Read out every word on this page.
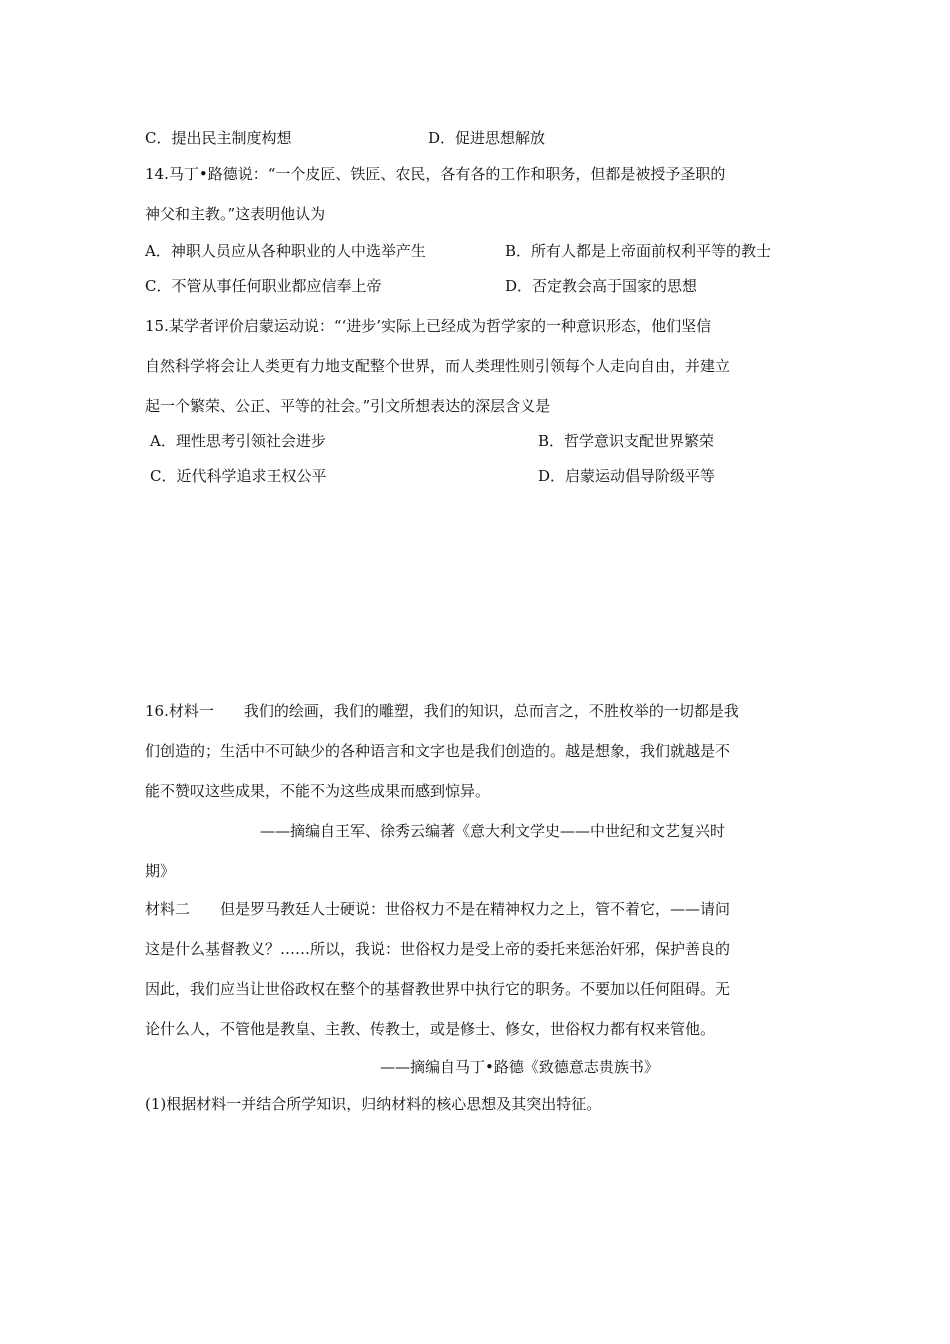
C．提出民主制度构想	D．促进思想解放
14.马丁•路德说：“一个皮匠、铁匠、农民，各有各的工作和职务，但都是被授予圣职的
神父和主教。”这表明他认为
A．神职人员应从各种职业的人中选举产生	B．所有人都是上帝面前权利平等的教士
C．不管从事任何职业都应信奉上帝	D．否定教会高于国家的思想
15.某学者评价启蒙运动说：“‘进步’实际上已经成为哲学家的一种意识形态，他们坚信
自然科学将会让人类更有力地支配整个世界，而人类理性则引领每个人走向自由，并建立
起一个繁荣、公正、平等的社会。”引文所想表达的深层含义是
A．理性思考引领社会进步	B．哲学意识支配世界繁荣
C．近代科学追求王权公平	D．启蒙运动倡导阶级平等
16.材料一　　我们的绘画，我们的雕塑，我们的知识，总而言之，不胜枚举的一切都是我
们创造的；生活中不可缺少的各种语言和文字也是我们创造的。越是想象，我们就越是不
能不赞叹这些成果，不能不为这些成果而感到惊异。
——摘编自王军、徐秀云编著《意大利文学史——中世纪和文艺复兴时
期》
材料二　　但是罗马教廷人士硬说：世俗权力不是在精神权力之上，管不着它，——请问
这是什么基督教义？……所以，我说：世俗权力是受上帝的委托来惩治奸邪，保护善良的
因此，我们应当让世俗政权在整个的基督教世界中执行它的职务。不要加以任何阻碍。无
论什么人，不管他是教皇、主教、传教士，或是修士、修女，世俗权力都有权来管他。
——摘编自马丁•路德《致德意志贵族书》
(1)根据材料一并结合所学知识，归纳材料的核心思想及其突出特征。
